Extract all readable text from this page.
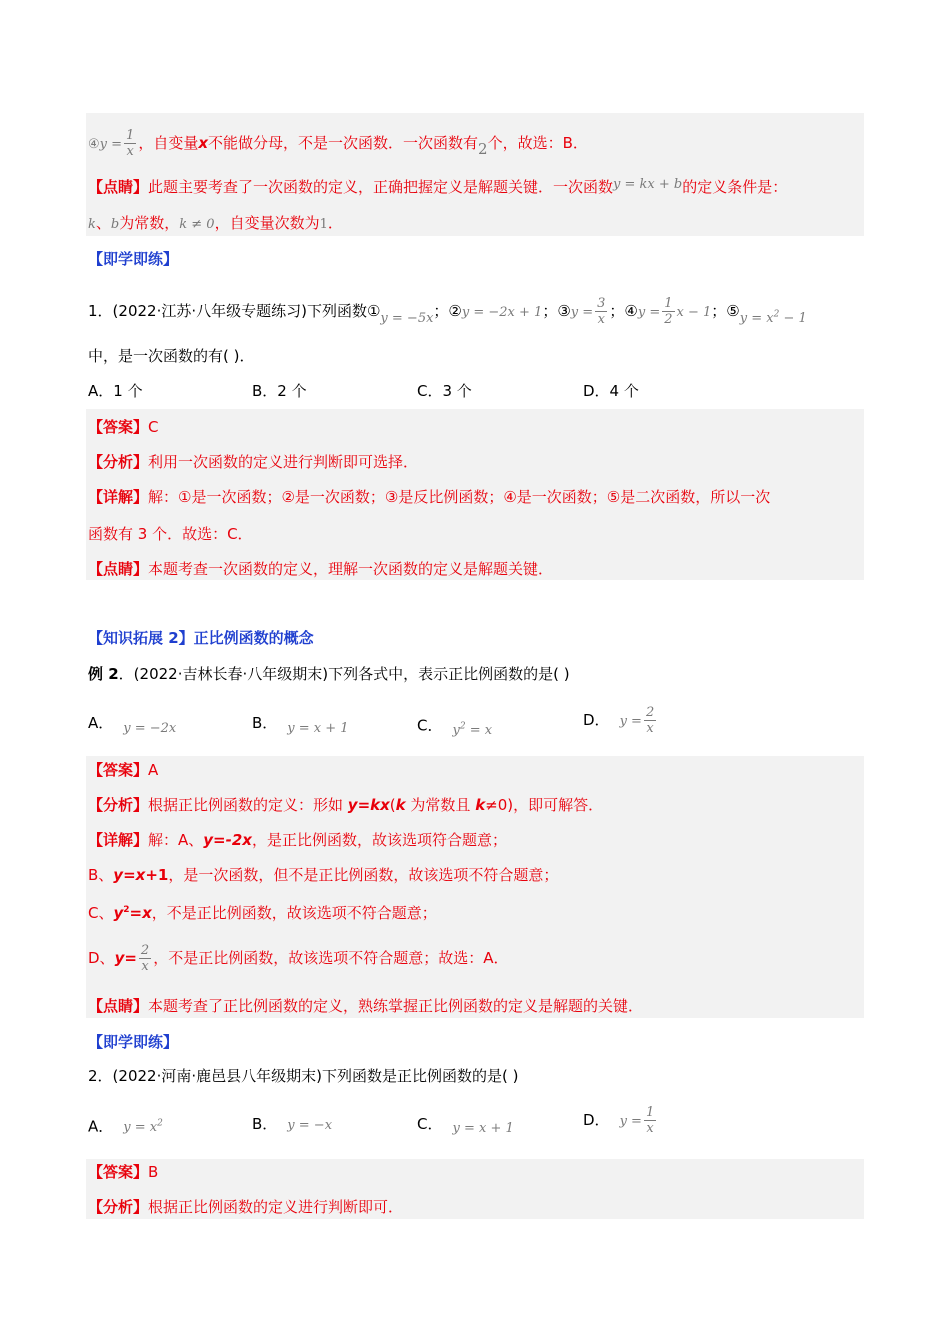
④y = $\frac{1}{x}$ ，自变量x不能做分母，不是一次函数．一次函数有2个，故选：B．
【点睛】此题主要考查了一次函数的定义，正确把握定义是解题关键．一次函数y = kx + b的定义条件是：
k、b为常数，k ≠ 0，自变量次数为1．
【即学即练】
1．(2022·江苏·八年级专题练习)下列函数①y = −5x；②y = −2x + 1；③y = $\frac{3}{x}$ ；④y = $\frac{1}{2}$ x − 1；⑤y = $x^2 - 1$
中，是一次函数的有( )．
A．1 个	B．2 个	C．3 个	D．4 个
【答案】C
【分析】利用一次函数的定义进行判断即可选择．
【详解】解：①是一次函数；②是一次函数；③是反比例函数；④是一次函数；⑤是二次函数，所以一次
函数有 3 个．故选：C．
【点睛】本题考查一次函数的定义，理解一次函数的定义是解题关键．
【知识拓展 2】正比例函数的概念
例 2．(2022·吉林长春·八年级期末)下列各式中，表示正比例函数的是( )
A． y = −2x	B． y = x + 1	C． $y^2 = x$
D． $y = \frac{2}{x}$
【答案】A
【分析】根据正比例函数的定义：形如 y=kx(k 为常数且 k≠0)，即可解答．
【详解】解：A、y=-2x，是正比例函数，故该选项符合题意；
B、y=x+1，是一次函数，但不是正比例函数，故该选项不符合题意；
C、$y^2=x$，不是正比例函数，故该选项不符合题意；
D、$y= \frac{2}{x}$ ，不是正比例函数，故该选项不符合题意；故选：A．
【点睛】本题考查了正比例函数的定义，熟练掌握正比例函数的定义是解题的关键．
【即学即练】
2．(2022·河南·鹿邑县八年级期末)下列函数是正比例函数的是( )
A． $y = x^2$	B． y = −x	C． y = x + 1	D． $y = \frac{1}{x}$
【答案】B
【分析】根据正比例函数的定义进行判断即可．
